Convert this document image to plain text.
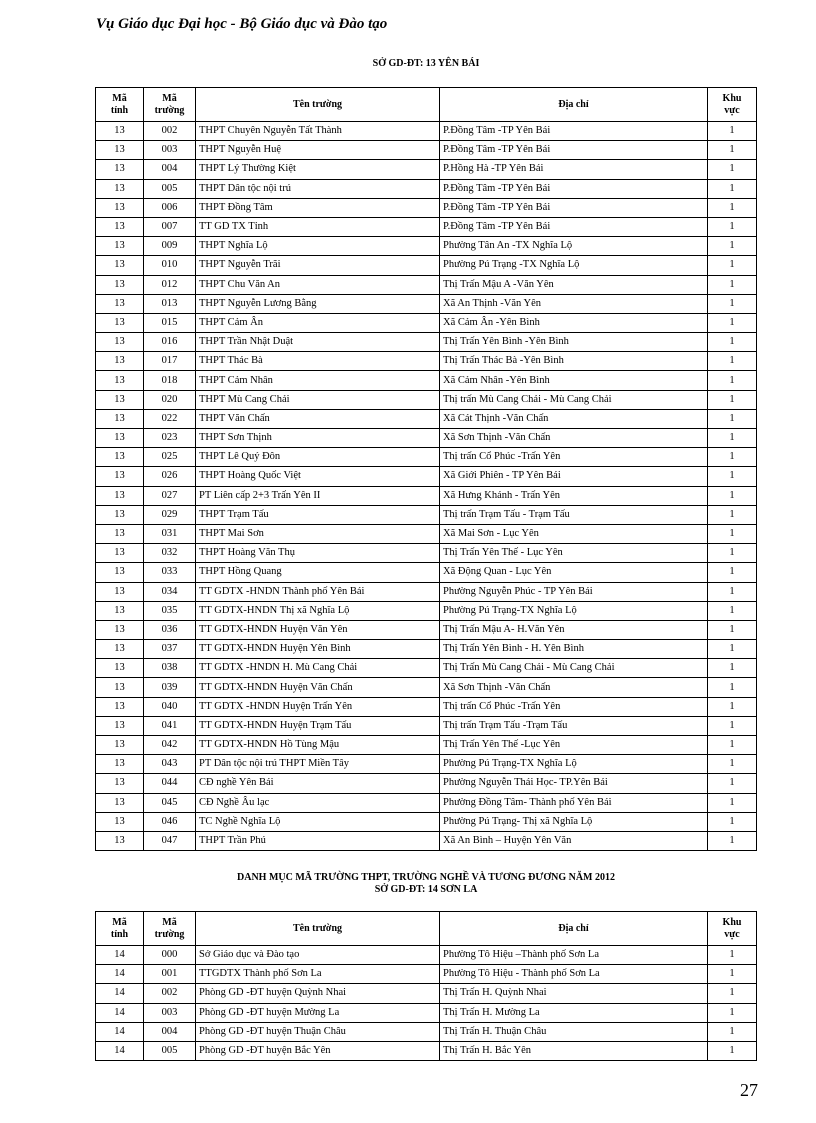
Vụ Giáo dục Đại học - Bộ Giáo dục và Đào tạo
SỞ GD-ĐT: 13 YÊN BÁI
Mã
tỉnh	Mã
trường	Tên trường	Địa chỉ	Khu
vực
13	002	THPT Chuyên Nguyễn Tất Thành	P.Đồng Tâm -TP Yên Bái	1
13	003	THPT Nguyễn Huệ	P.Đồng Tâm -TP Yên Bái	1
13	004	THPT Lý Thường Kiệt	P.Hồng Hà -TP Yên Bái	1
13	005	THPT Dân tộc nội trú	P.Đồng Tâm -TP Yên Bái	1
13	006	THPT Đồng Tâm	P.Đồng Tâm -TP Yên Bái	1
13	007	TT GD TX Tỉnh	P.Đồng Tâm -TP Yên Bái	1
13	009	THPT Nghĩa Lộ	Phường Tân An -TX Nghĩa Lộ	1
13	010	THPT Nguyễn Trãi	Phường Pú Trạng -TX Nghĩa Lộ	1
13	012	THPT Chu Văn An	Thị Trấn Mậu A -Văn Yên	1
13	013	THPT Nguyễn Lương Bằng	Xã An Thịnh -Văn Yên	1
13	015	THPT Cảm Ân	Xã Cảm Ân -Yên Bình	1
13	016	THPT Trần Nhật Duật	Thị Trấn Yên Bình -Yên Bình	1
13	017	THPT Thác Bà	Thị Trấn Thác Bà -Yên Bình	1
13	018	THPT Cảm Nhân	Xã Cảm Nhân -Yên Bình	1
13	020	THPT Mù Cang Chải	Thị trấn Mù Cang Chải - Mù Cang Chải	1
13	022	THPT Văn Chấn	Xã Cát Thịnh -Văn Chấn	1
13	023	THPT Sơn Thịnh	Xã Sơn Thịnh -Văn Chấn	1
13	025	THPT Lê Quý Đôn	Thị trấn Cổ Phúc -Trấn Yên	1
13	026	THPT Hoàng Quốc Việt	Xã Giới Phiên - TP Yên Bái	1
13	027	PT Liên cấp 2+3 Trấn Yên II	Xã Hưng Khánh - Trấn Yên	1
13	029	THPT Trạm Tấu	Thị trấn Trạm Tấu - Trạm Tấu	1
13	031	THPT Mai Sơn	Xã Mai Sơn - Lục Yên	1
13	032	THPT Hoàng Văn Thụ	Thị Trấn Yên Thế - Lục Yên	1
13	033	THPT Hồng Quang	Xã Động Quan - Lục Yên	1
13	034	TT GDTX -HNDN Thành phố Yên Bái	Phường Nguyễn Phúc - TP Yên Bái	1
13	035	TT GDTX-HNDN Thị xã Nghĩa Lộ	Phường Pú Trạng-TX Nghĩa Lộ	1
13	036	TT GDTX-HNDN Huyện Văn Yên	Thị Trấn Mậu A- H.Văn Yên	1
13	037	TT GDTX-HNDN Huyện Yên Bình	Thị Trấn Yên Bình - H. Yên Bình	1
13	038	TT GDTX -HNDN H. Mù Cang Chải	Thị Trấn Mù Cang Chải - Mù Cang Chải	1
13	039	TT GDTX-HNDN Huyện Văn Chấn	Xã Sơn Thịnh -Văn Chấn	1
13	040	TT GDTX -HNDN Huyện Trấn Yên	Thị trấn Cổ Phúc -Trấn Yên	1
13	041	TT GDTX-HNDN Huyện Trạm Tấu	Thị trấn Trạm Tấu -Trạm Tấu	1
13	042	TT GDTX-HNDN Hồ Tùng Mậu	Thị Trấn Yên Thế -Lục Yên	1
13	043	PT Dân tộc nội trú THPT Miền Tây	Phường Pú Trạng-TX Nghĩa Lộ	1
13	044	CĐ nghề Yên Bái	Phường Nguyễn Thái Học- TP.Yên Bái	1
13	045	CĐ Nghề Âu lạc	Phường Đồng Tâm- Thành phố Yên Bái	1
13	046	TC Nghề Nghĩa Lộ	Phường Pú Trạng- Thị xã Nghĩa Lộ	1
13	047	THPT Trần Phú	Xã An Bình – Huyện Yên Văn	1
DANH MỤC MÃ TRƯỜNG THPT, TRƯỜNG NGHỀ VÀ TƯƠNG ĐƯƠNG NĂM 2012
SỞ GD-ĐT: 14 SƠN LA
Mã
tỉnh	Mã
trường	Tên trường	Địa chỉ	Khu
vực
14	000	Sở Giáo dục và Đào tạo	Phường Tô Hiệu –Thành phố Sơn La	1
14	001	TTGDTX Thành phố Sơn La	Phường Tô Hiệu - Thành phố Sơn La	1
14	002	Phòng GD -ĐT huyện Quỳnh Nhai	Thị Trấn H. Quỳnh Nhai	1
14	003	Phòng GD -ĐT huyện Mường La	Thị Trấn H. Mường La	1
14	004	Phòng GD -ĐT huyện Thuận Châu	Thị Trấn H. Thuận Châu	1
14	005	Phòng GD -ĐT huyện Bắc Yên	Thị Trấn H. Bắc Yên	1
27
